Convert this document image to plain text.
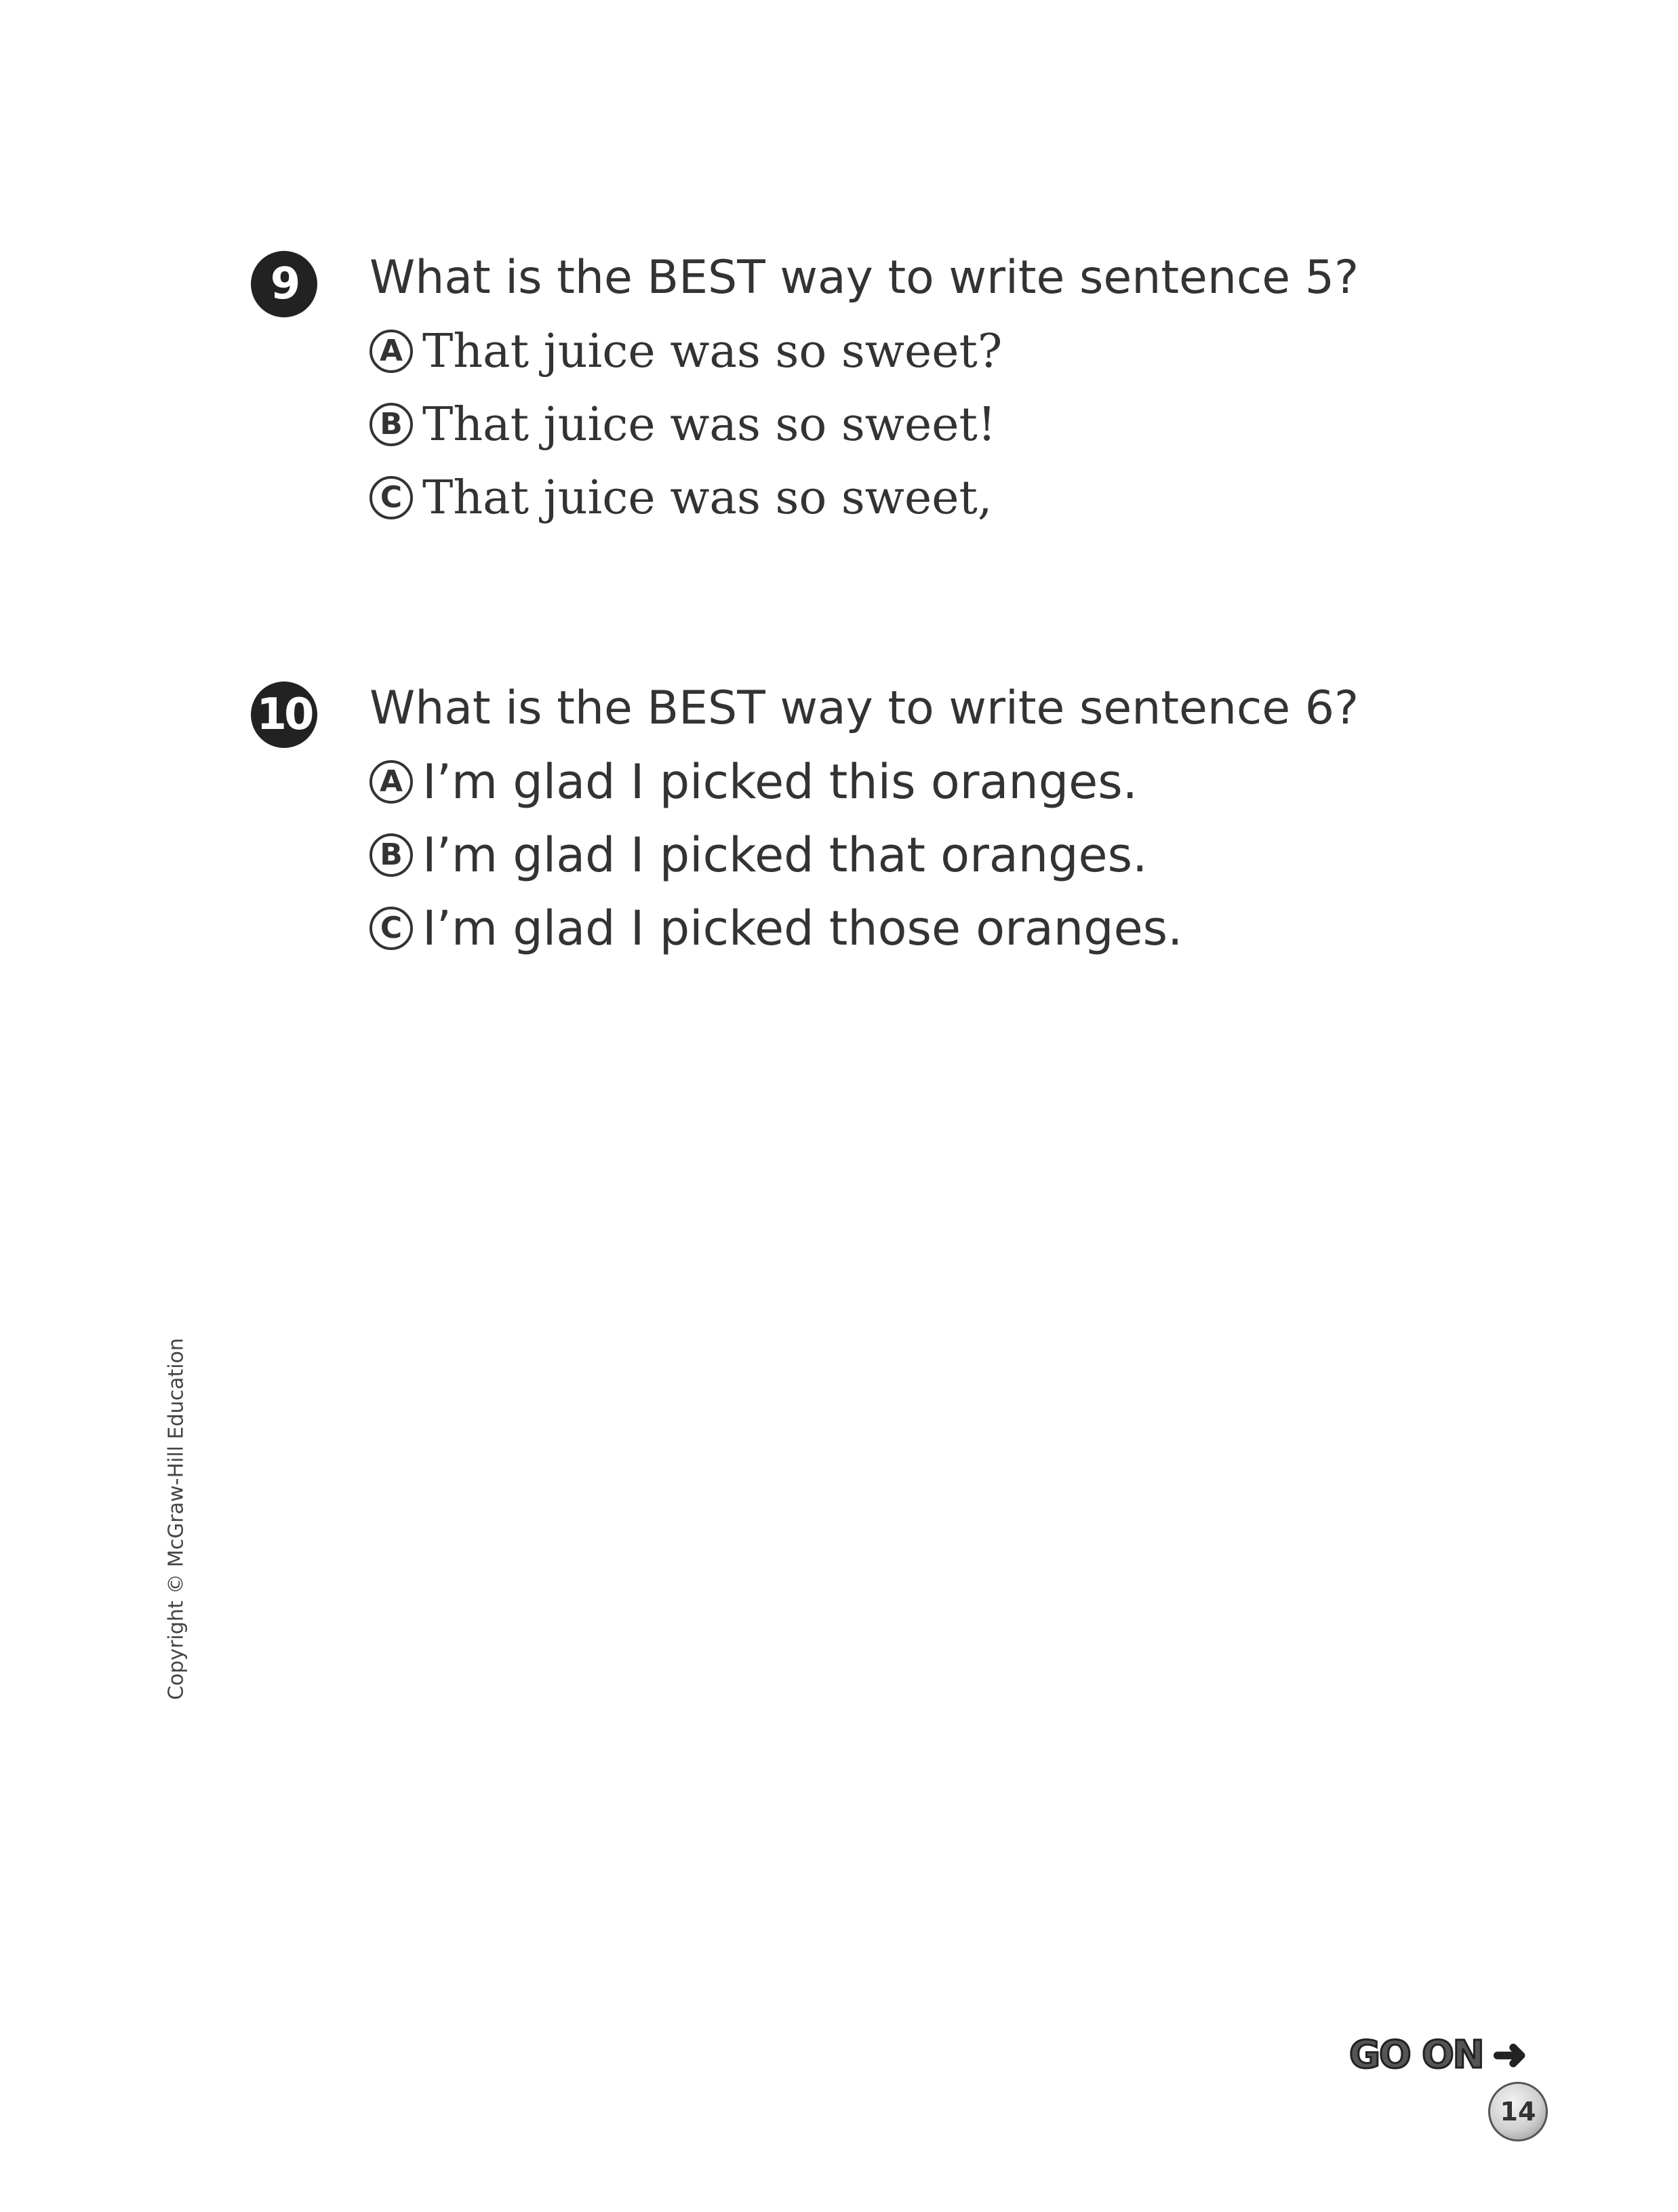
9	What is the BEST way to write sentence 5?
A That juice was so sweet?
B That juice was so sweet!
C That juice was so sweet,
10 What is the BEST way to write sentence 6?
A I’m glad I picked this oranges.
B I’m glad I picked that oranges.
C I’m glad I picked those oranges.
Copyright © McGraw-Hill Education
GO ON ➜
14
